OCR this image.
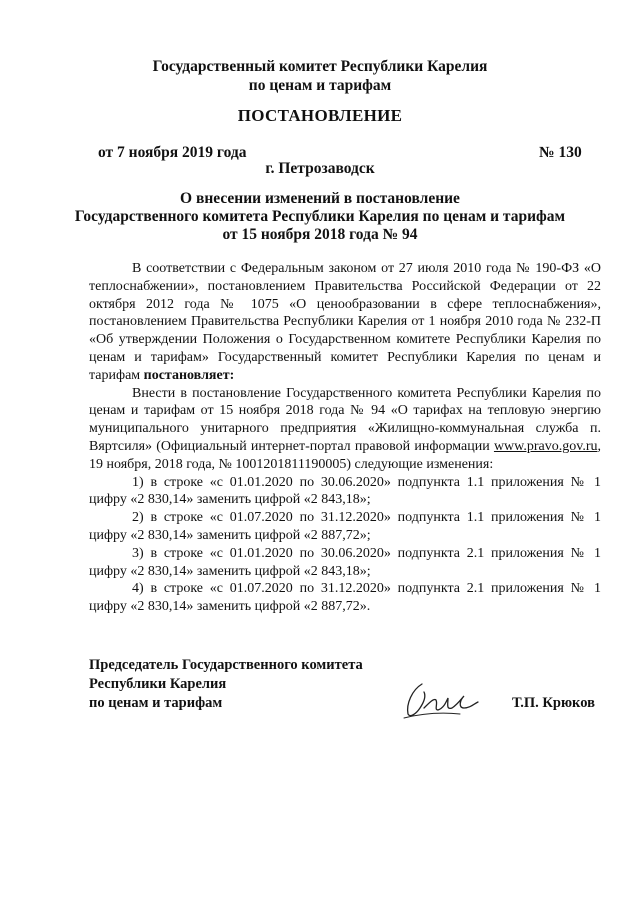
Государственный комитет Республики Карелия
по ценам и тарифам
ПОСТАНОВЛЕНИЕ
от 7 ноября 2019 года	№ 130
г. Петрозаводск
О внесении изменений в постановление
Государственного комитета Республики Карелия по ценам и тарифам
от 15 ноября 2018 года № 94

В соответствии с Федеральным законом от 27 июля 2010 года № 190-ФЗ «О теплоснабжении», постановлением Правительства Российской Федерации от 22 октября 2012 года № 1075 «О ценообразовании в сфере теплоснабжения», постановлением Правительства Республики Карелия от 1 ноября 2010 года № 232-П «Об утверждении Положения о Государственном комитете Республики Карелия по ценам и тарифам» Государственный комитет Республики Карелия по ценам и тарифам постановляет:

Внести в постановление Государственного комитета Республики Карелия по ценам и тарифам от 15 ноября 2018 года № 94 «О тарифах на тепловую энергию муниципального унитарного предприятия «Жилищно-коммунальная служба п. Вяртсиля» (Официальный интернет-портал правовой информации www.pravo.gov.ru, 19 ноября, 2018 года, № 1001201811190005) следующие изменения:

1) в строке «с 01.01.2020 по 30.06.2020» подпункта 1.1 приложения № 1 цифру «2 830,14» заменить цифрой «2 843,18»;

2) в строке «с 01.07.2020 по 31.12.2020» подпункта 1.1 приложения № 1 цифру «2 830,14» заменить цифрой «2 887,72»;

3) в строке «с 01.01.2020 по 30.06.2020» подпункта 2.1 приложения № 1 цифру «2 830,14» заменить цифрой «2 843,18»;

4) в строке «с 01.07.2020 по 31.12.2020» подпункта 2.1 приложения № 1 цифру «2 830,14» заменить цифрой «2 887,72».

Председатель Государственного комитета
Республики Карелия
по ценам и тарифам	Т.П. Крюков
